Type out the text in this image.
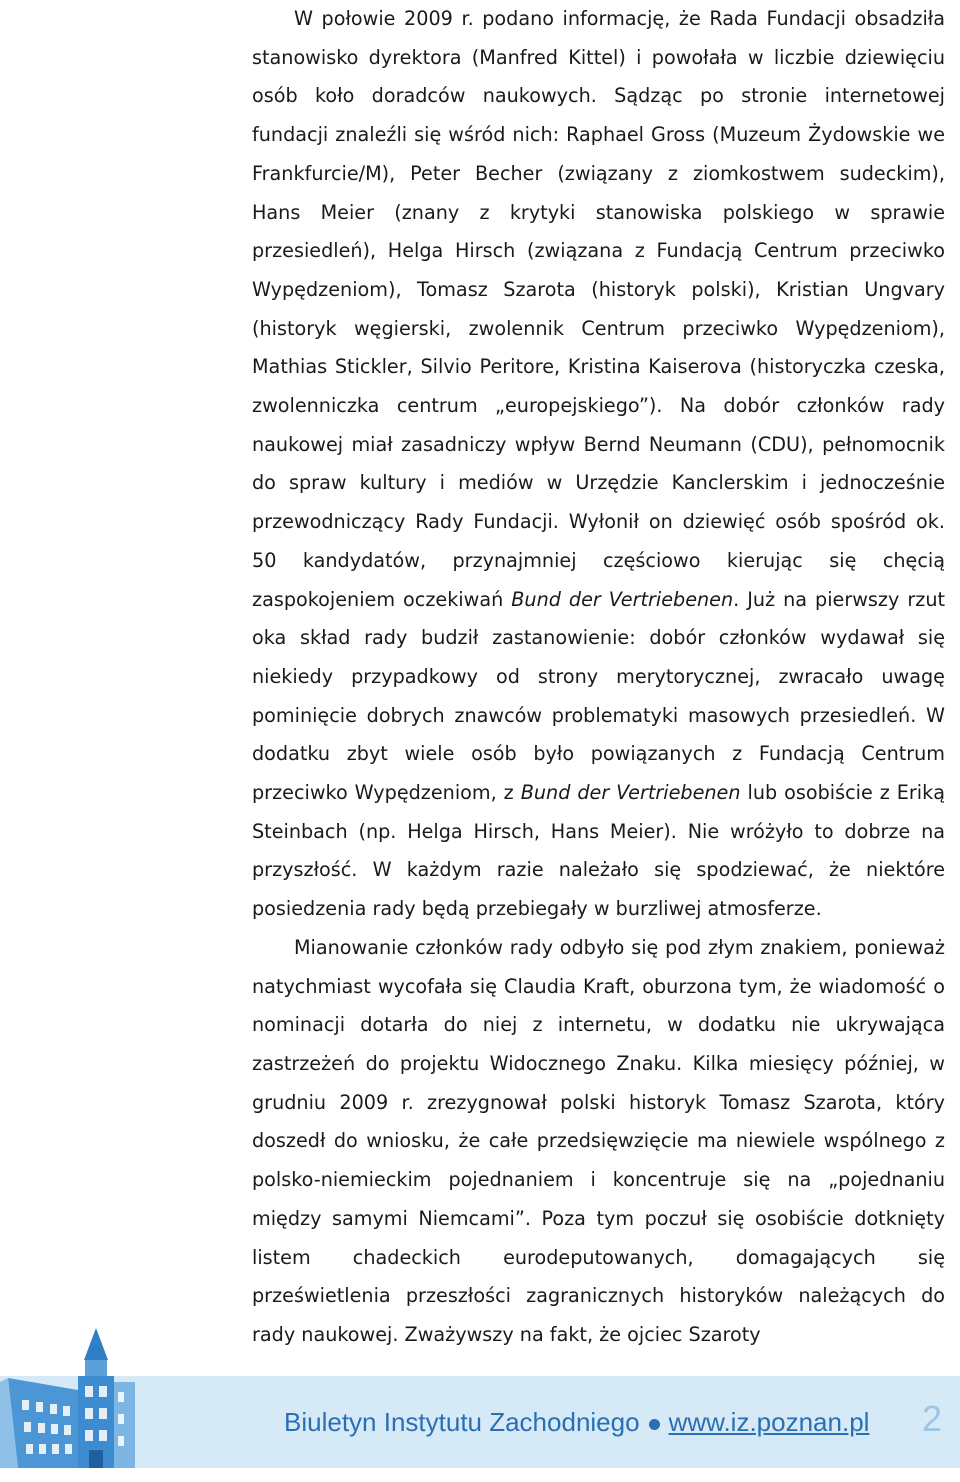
W połowie 2009 r. podano informację, że Rada Fundacji obsadziła stanowisko dyrektora (Manfred Kittel) i powołała w liczbie dziewięciu osób koło doradców naukowych. Sądząc po stronie internetowej fundacji znaleźli się wśród nich: Raphael Gross (Muzeum Żydowskie we Frankfurcie/M), Peter Becher (związany z ziomkostwem sudeckim), Hans Meier (znany z krytyki stanowiska polskiego w sprawie przesiedleń), Helga Hirsch (związana z Fundacją Centrum przeciwko Wypędzeniom), Tomasz Szarota (historyk polski), Kristian Ungvary (historyk węgierski, zwolennik Centrum przeciwko Wypędzeniom), Mathias Stickler, Silvio Peritore, Kristina Kaiserova (historyczka czeska, zwolenniczka centrum „europejskiego”). Na dobór członków rady naukowej miał zasadniczy wpływ Bernd Neumann (CDU), pełnomocnik do spraw kultury i mediów w Urzędzie Kanclerskim i jednocześnie przewodniczący Rady Fundacji. Wyłonił on dziewięć osób spośród ok. 50 kandydatów, przynajmniej częściowo kierując się chęcią zaspokojeniem oczekiwań Bund der Vertriebenen. Już na pierwszy rzut oka skład rady budził zastanowienie: dobór członków wydawał się niekiedy przypadkowy od strony merytorycznej, zwracało uwagę pominięcie dobrych znawców problematyki masowych przesiedleń. W dodatku zbyt wiele osób było powiązanych z Fundacją Centrum przeciwko Wypędzeniom, z Bund der Vertriebenen lub osobiście z Eriką Steinbach (np. Helga Hirsch, Hans Meier). Nie wróżyło to dobrze na przyszłość. W każdym razie należało się spodziewać, że niektóre posiedzenia rady będą przebiegały w burzliwej atmosferze.

Mianowanie członków rady odbyło się pod złym znakiem, ponieważ natychmiast wycofała się Claudia Kraft, oburzona tym, że wiadomość o nominacji dotarła do niej z internetu, w dodatku nie ukrywająca zastrzeżeń do projektu Widocznego Znaku. Kilka miesięcy później, w grudniu 2009 r. zrezygnował polski historyk Tomasz Szarota, który doszedł do wniosku, że całe przedsięwzięcie ma niewiele wspólnego z polsko-niemieckim pojednaniem i koncentruje się na „pojednaniu między samymi Niemcami”. Poza tym poczuł się osobiście dotknięty listem chadeckich eurodeputowanych, domagających się prześwietlenia przeszłości zagranicznych historyków należących do rady naukowej. Zważywszy na fakt, że ojciec Szaroty

Biuletyn Instytutu Zachodniego www.iz.poznan.pl 2
